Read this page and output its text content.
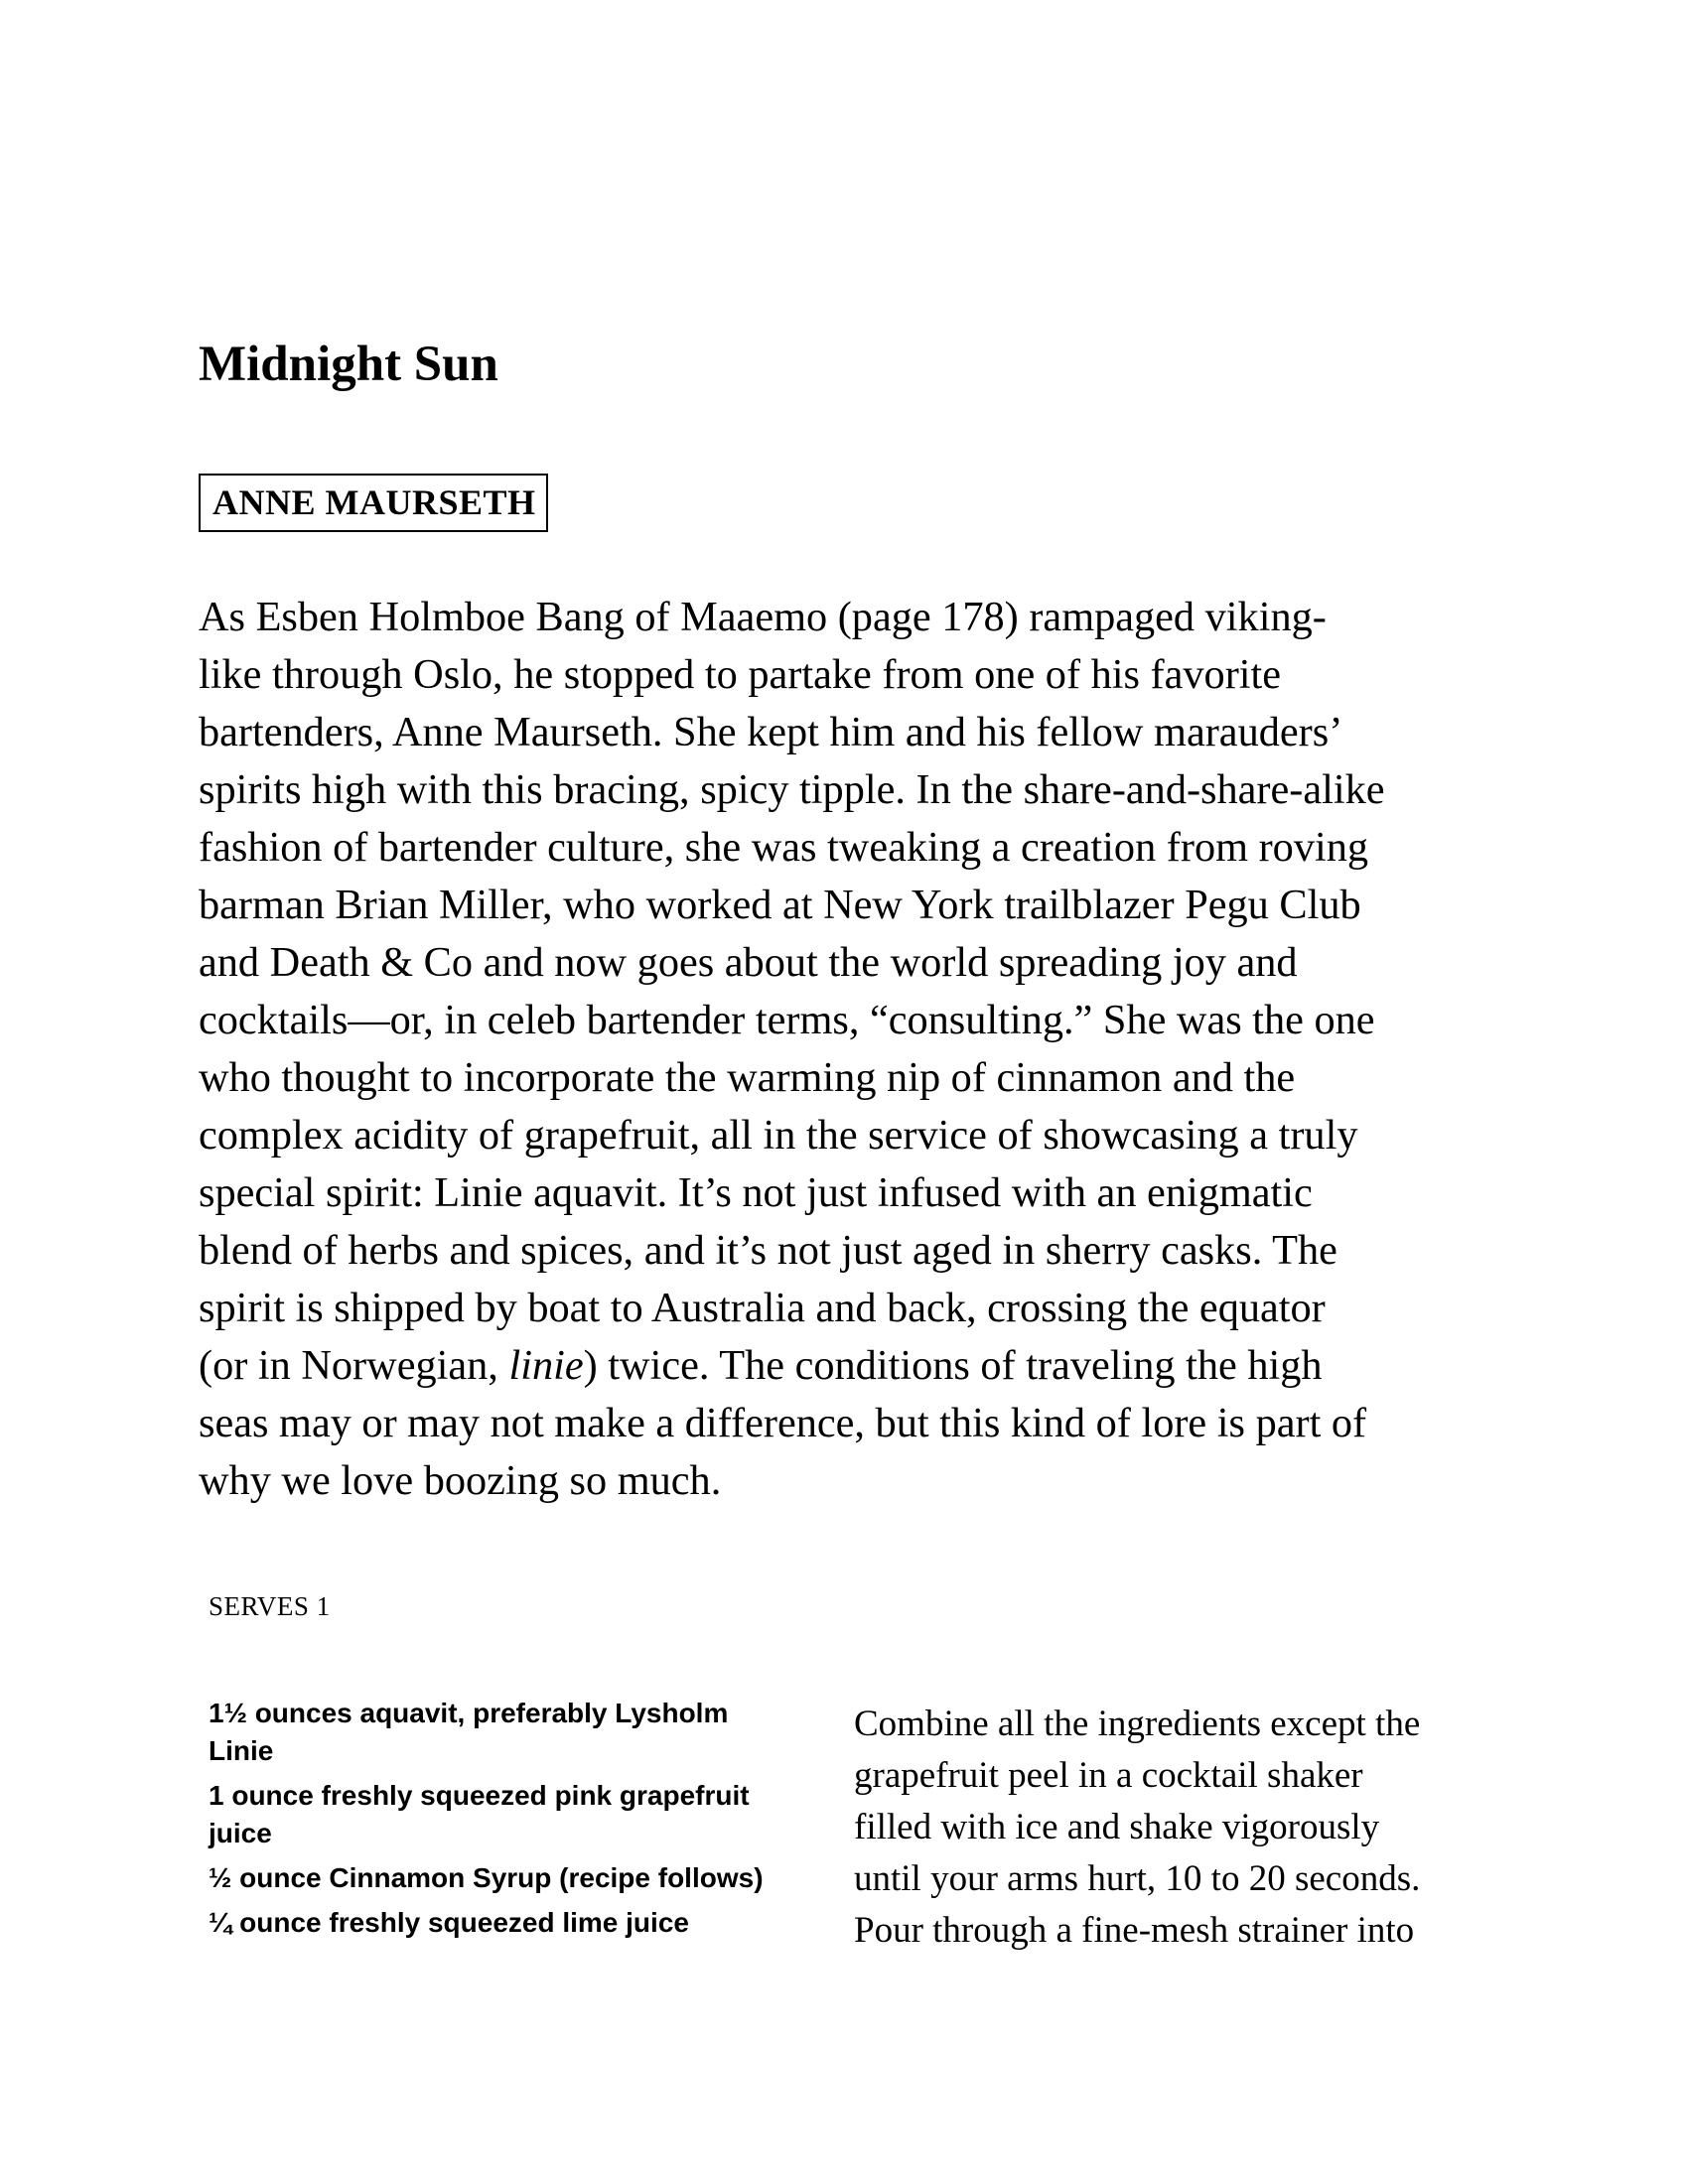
Midnight Sun
ANNE MAURSETH

As Esben Holmboe Bang of Maaemo (page 178) rampaged viking-
like through Oslo, he stopped to partake from one of his favorite
bartenders, Anne Maurseth. She kept him and his fellow marauders’
spirits high with this bracing, spicy tipple. In the share-and-share-alike
fashion of bartender culture, she was tweaking a creation from roving
barman Brian Miller, who worked at New York trailblazer Pegu Club
and Death & Co and now goes about the world spreading joy and
cocktails—or, in celeb bartender terms, “consulting.” She was the one
who thought to incorporate the warming nip of cinnamon and the
complex acidity of grapefruit, all in the service of showcasing a truly
special spirit: Linie aquavit. It’s not just infused with an enigmatic
blend of herbs and spices, and it’s not just aged in sherry casks. The
spirit is shipped by boat to Australia and back, crossing the equator
(or in Norwegian, linie) twice. The conditions of traveling the high
seas may or may not make a difference, but this kind of lore is part of
why we love boozing so much.

SERVES 1
1½ ounces aquavit, preferably Lysholm
Linie
1 ounce freshly squeezed pink grapefruit
juice
½ ounce Cinnamon Syrup (recipe follows)
¼ ounce freshly squeezed lime juice

Combine all the ingredients except the
grapefruit peel in a cocktail shaker
filled with ice and shake vigorously
until your arms hurt, 10 to 20 seconds.
Pour through a fine-mesh strainer into
